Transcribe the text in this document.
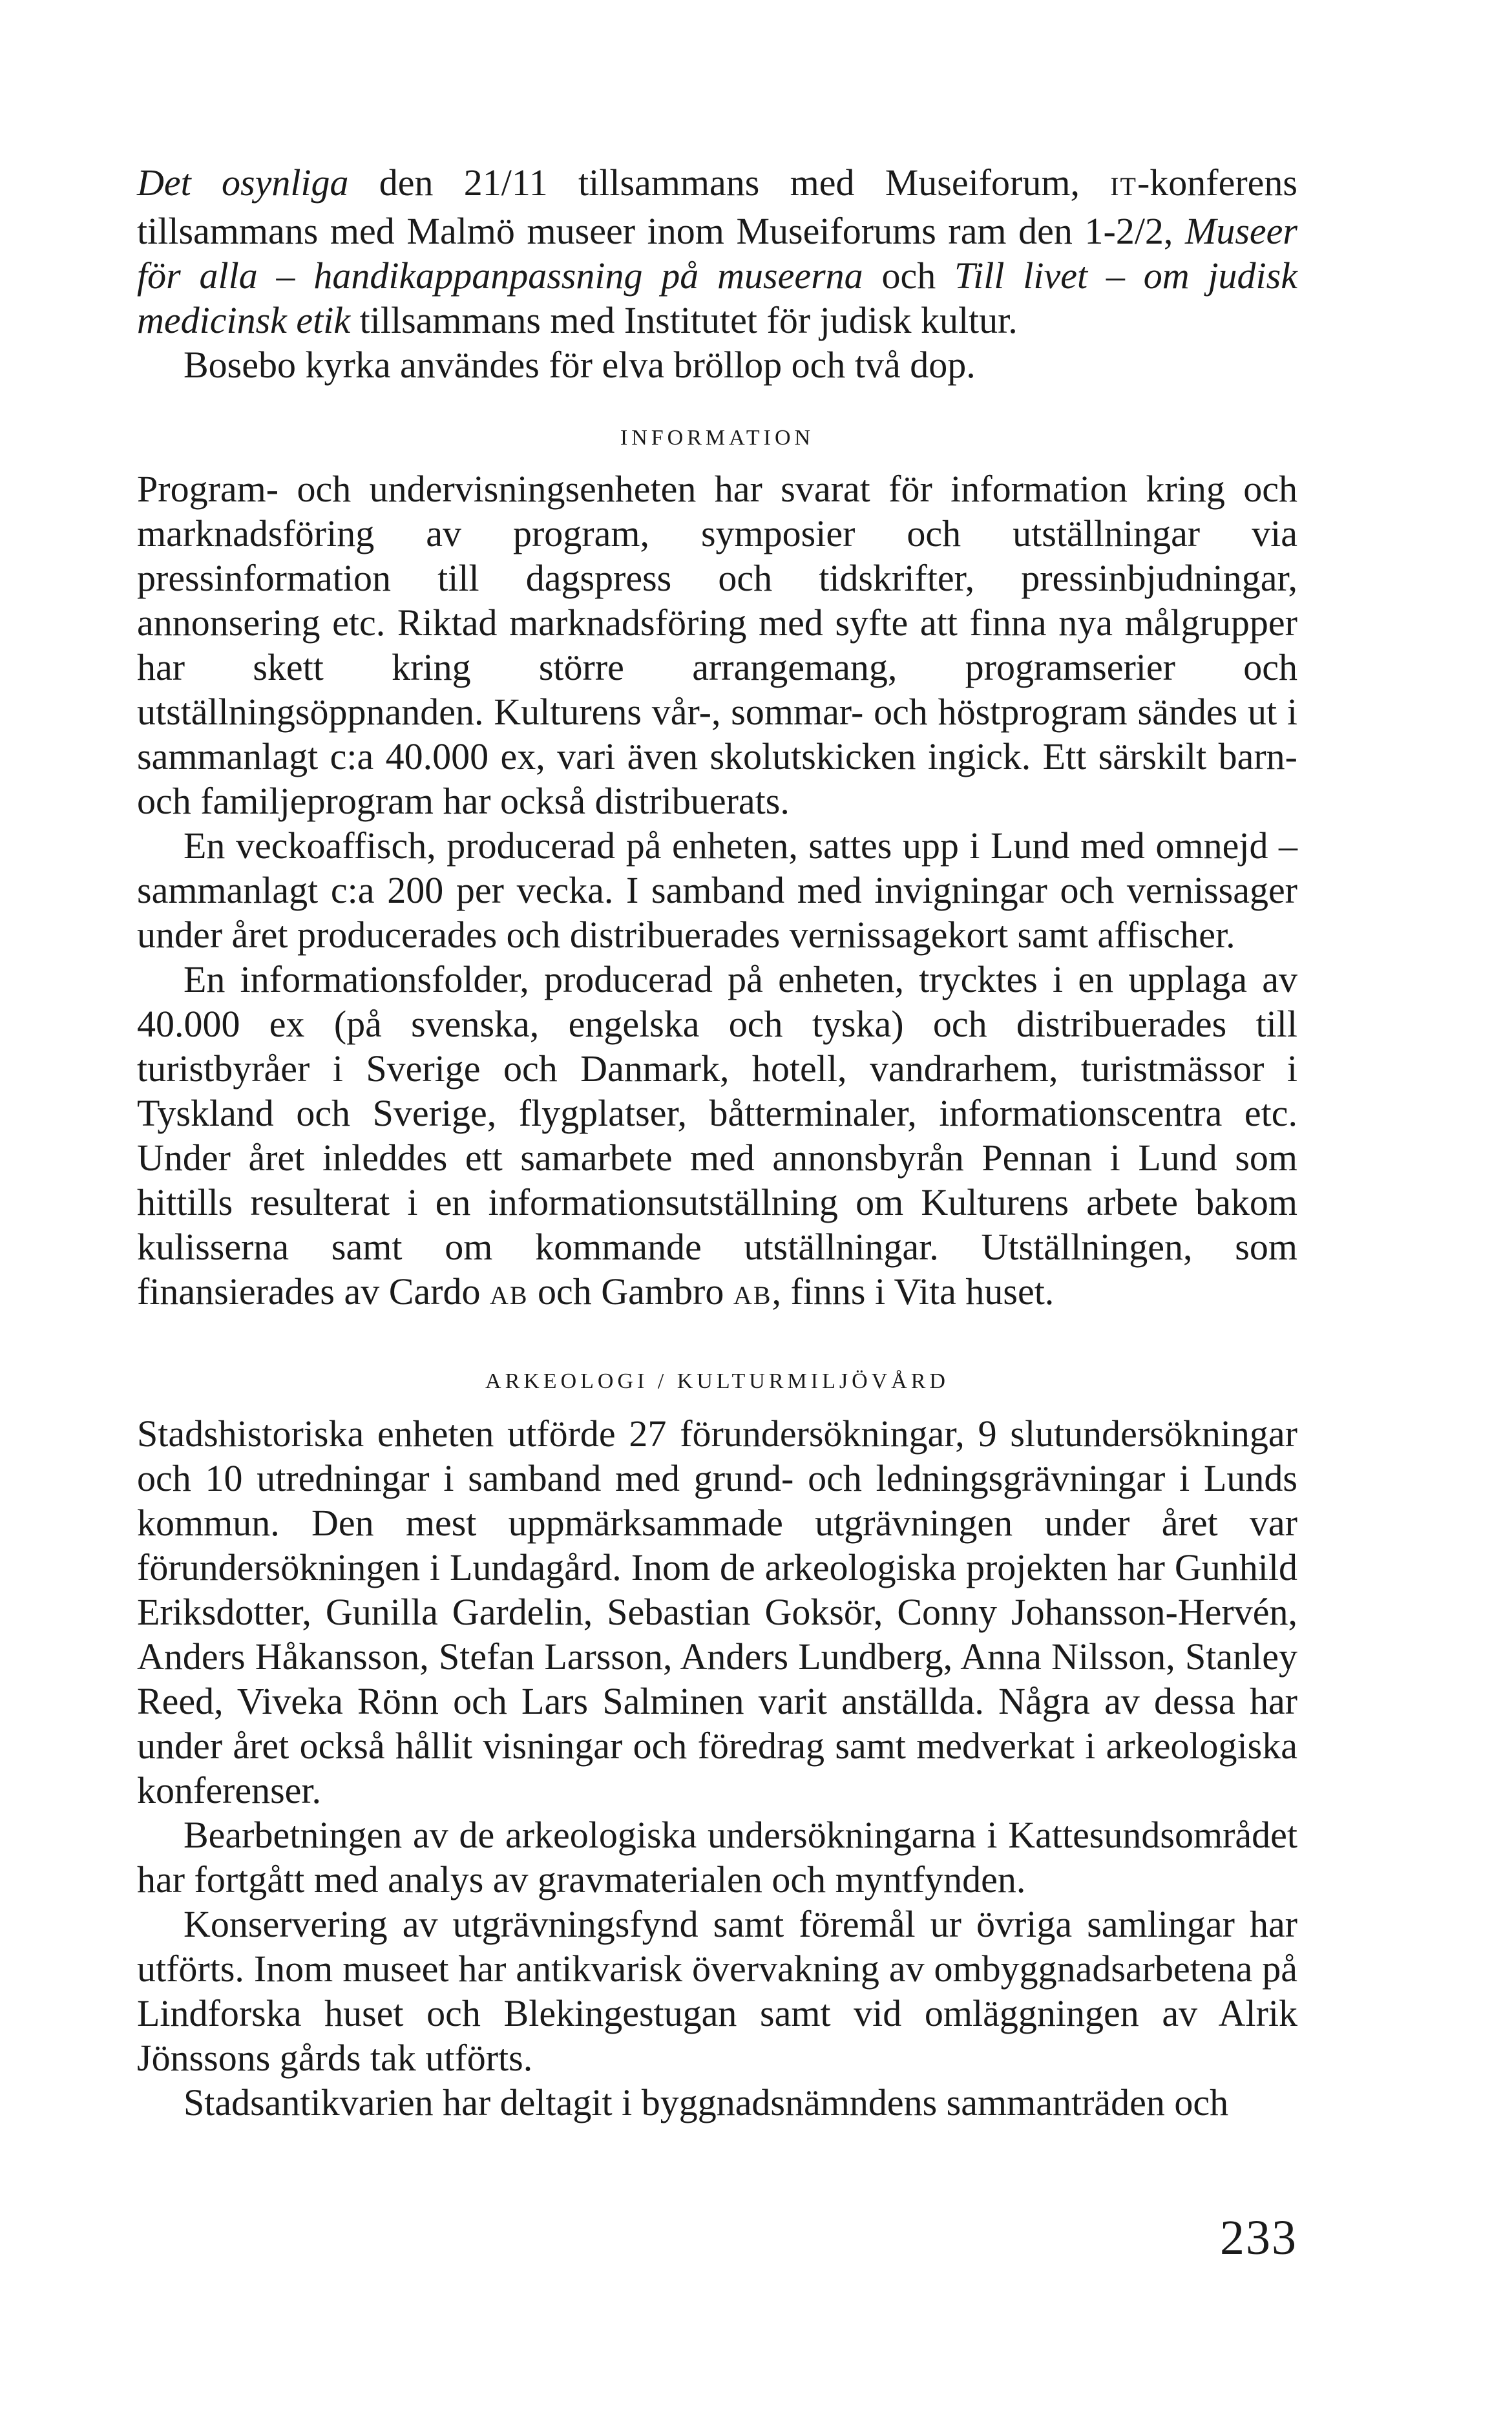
Det osynliga den 21/11 tillsammans med Museiforum, IT-konferens tillsammans med Malmö museer inom Museiforums ram den 1-2/2, Museer för alla – handikappanpassning på museerna och Till livet – om judisk medicinsk etik tillsammans med Institutet för judisk kultur.

Bosebo kyrka användes för elva bröllop och två dop.

INFORMATION

Program- och undervisningsenheten har svarat för information kring och marknadsföring av program, symposier och utställningar via pressinformation till dagspress och tidskrifter, pressinbjudningar, annonsering etc. Riktad marknadsföring med syfte att finna nya målgrupper har skett kring större arrangemang, programserier och utställningsöppnanden. Kulturens vår-, sommar- och höstprogram sändes ut i sammanlagt c:a 40.000 ex, vari även skolutskicken ingick. Ett särskilt barn- och familjeprogram har också distribuerats.

En veckoaffisch, producerad på enheten, sattes upp i Lund med omnejd – sammanlagt c:a 200 per vecka. I samband med invigningar och vernissager under året producerades och distribuerades vernissagekort samt affischer.

En informationsfolder, producerad på enheten, trycktes i en upplaga av 40.000 ex (på svenska, engelska och tyska) och distribuerades till turistbyråer i Sverige och Danmark, hotell, vandrarhem, turistmässor i Tyskland och Sverige, flygplatser, båtterminaler, informationscentra etc. Under året inleddes ett samarbete med annonsbyrån Pennan i Lund som hittills resulterat i en informationsutställning om Kulturens arbete bakom kulisserna samt om kommande utställningar. Utställningen, som finansierades av Cardo AB och Gambro AB, finns i Vita huset.

ARKEOLOGI / KULTURMILJÖVÅRD

Stadshistoriska enheten utförde 27 förundersökningar, 9 slutundersökningar och 10 utredningar i samband med grund- och ledningsgrävningar i Lunds kommun. Den mest uppmärksammade utgrävningen under året var förundersökningen i Lundagård. Inom de arkeologiska projekten har Gunhild Eriksdotter, Gunilla Gardelin, Sebastian Goksör, Conny Johansson-Hervén, Anders Håkansson, Stefan Larsson, Anders Lundberg, Anna Nilsson, Stanley Reed, Viveka Rönn och Lars Salminen varit anställda. Några av dessa har under året också hållit visningar och föredrag samt medverkat i arkeologiska konferenser.

Bearbetningen av de arkeologiska undersökningarna i Kattesundsområdet har fortgått med analys av gravmaterialen och myntfynden.

Konservering av utgrävningsfynd samt föremål ur övriga samlingar har utförts. Inom museet har antikvarisk övervakning av ombyggnadsarbetena på Lindforska huset och Blekingestugan samt vid omläggningen av Alrik Jönssons gårds tak utförts.

Stadsantikvarien har deltagit i byggnadsnämndens sammanträden och

233
